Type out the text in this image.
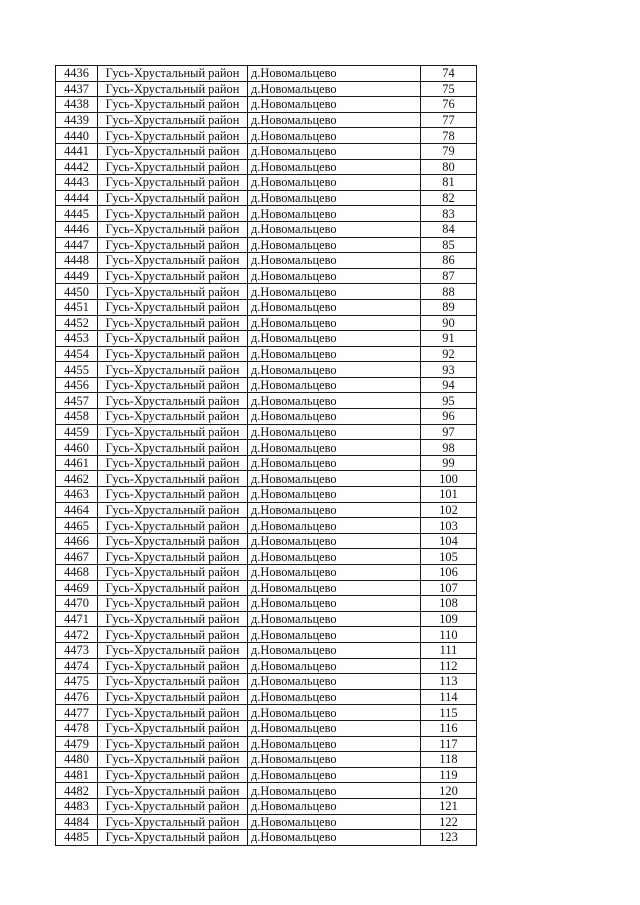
4436	Гусь-Хрустальный район	д.Новомальцево	74
4437	Гусь-Хрустальный район	д.Новомальцево	75
4438	Гусь-Хрустальный район	д.Новомальцево	76
4439	Гусь-Хрустальный район	д.Новомальцево	77
4440	Гусь-Хрустальный район	д.Новомальцево	78
4441	Гусь-Хрустальный район	д.Новомальцево	79
4442	Гусь-Хрустальный район	д.Новомальцево	80
4443	Гусь-Хрустальный район	д.Новомальцево	81
4444	Гусь-Хрустальный район	д.Новомальцево	82
4445	Гусь-Хрустальный район	д.Новомальцево	83
4446	Гусь-Хрустальный район	д.Новомальцево	84
4447	Гусь-Хрустальный район	д.Новомальцево	85
4448	Гусь-Хрустальный район	д.Новомальцево	86
4449	Гусь-Хрустальный район	д.Новомальцево	87
4450	Гусь-Хрустальный район	д.Новомальцево	88
4451	Гусь-Хрустальный район	д.Новомальцево	89
4452	Гусь-Хрустальный район	д.Новомальцево	90
4453	Гусь-Хрустальный район	д.Новомальцево	91
4454	Гусь-Хрустальный район	д.Новомальцево	92
4455	Гусь-Хрустальный район	д.Новомальцево	93
4456	Гусь-Хрустальный район	д.Новомальцево	94
4457	Гусь-Хрустальный район	д.Новомальцево	95
4458	Гусь-Хрустальный район	д.Новомальцево	96
4459	Гусь-Хрустальный район	д.Новомальцево	97
4460	Гусь-Хрустальный район	д.Новомальцево	98
4461	Гусь-Хрустальный район	д.Новомальцево	99
4462	Гусь-Хрустальный район	д.Новомальцево	100
4463	Гусь-Хрустальный район	д.Новомальцево	101
4464	Гусь-Хрустальный район	д.Новомальцево	102
4465	Гусь-Хрустальный район	д.Новомальцево	103
4466	Гусь-Хрустальный район	д.Новомальцево	104
4467	Гусь-Хрустальный район	д.Новомальцево	105
4468	Гусь-Хрустальный район	д.Новомальцево	106
4469	Гусь-Хрустальный район	д.Новомальцево	107
4470	Гусь-Хрустальный район	д.Новомальцево	108
4471	Гусь-Хрустальный район	д.Новомальцево	109
4472	Гусь-Хрустальный район	д.Новомальцево	110
4473	Гусь-Хрустальный район	д.Новомальцево	111
4474	Гусь-Хрустальный район	д.Новомальцево	112
4475	Гусь-Хрустальный район	д.Новомальцево	113
4476	Гусь-Хрустальный район	д.Новомальцево	114
4477	Гусь-Хрустальный район	д.Новомальцево	115
4478	Гусь-Хрустальный район	д.Новомальцево	116
4479	Гусь-Хрустальный район	д.Новомальцево	117
4480	Гусь-Хрустальный район	д.Новомальцево	118
4481	Гусь-Хрустальный район	д.Новомальцево	119
4482	Гусь-Хрустальный район	д.Новомальцево	120
4483	Гусь-Хрустальный район	д.Новомальцево	121
4484	Гусь-Хрустальный район	д.Новомальцево	122
4485	Гусь-Хрустальный район	д.Новомальцево	123
